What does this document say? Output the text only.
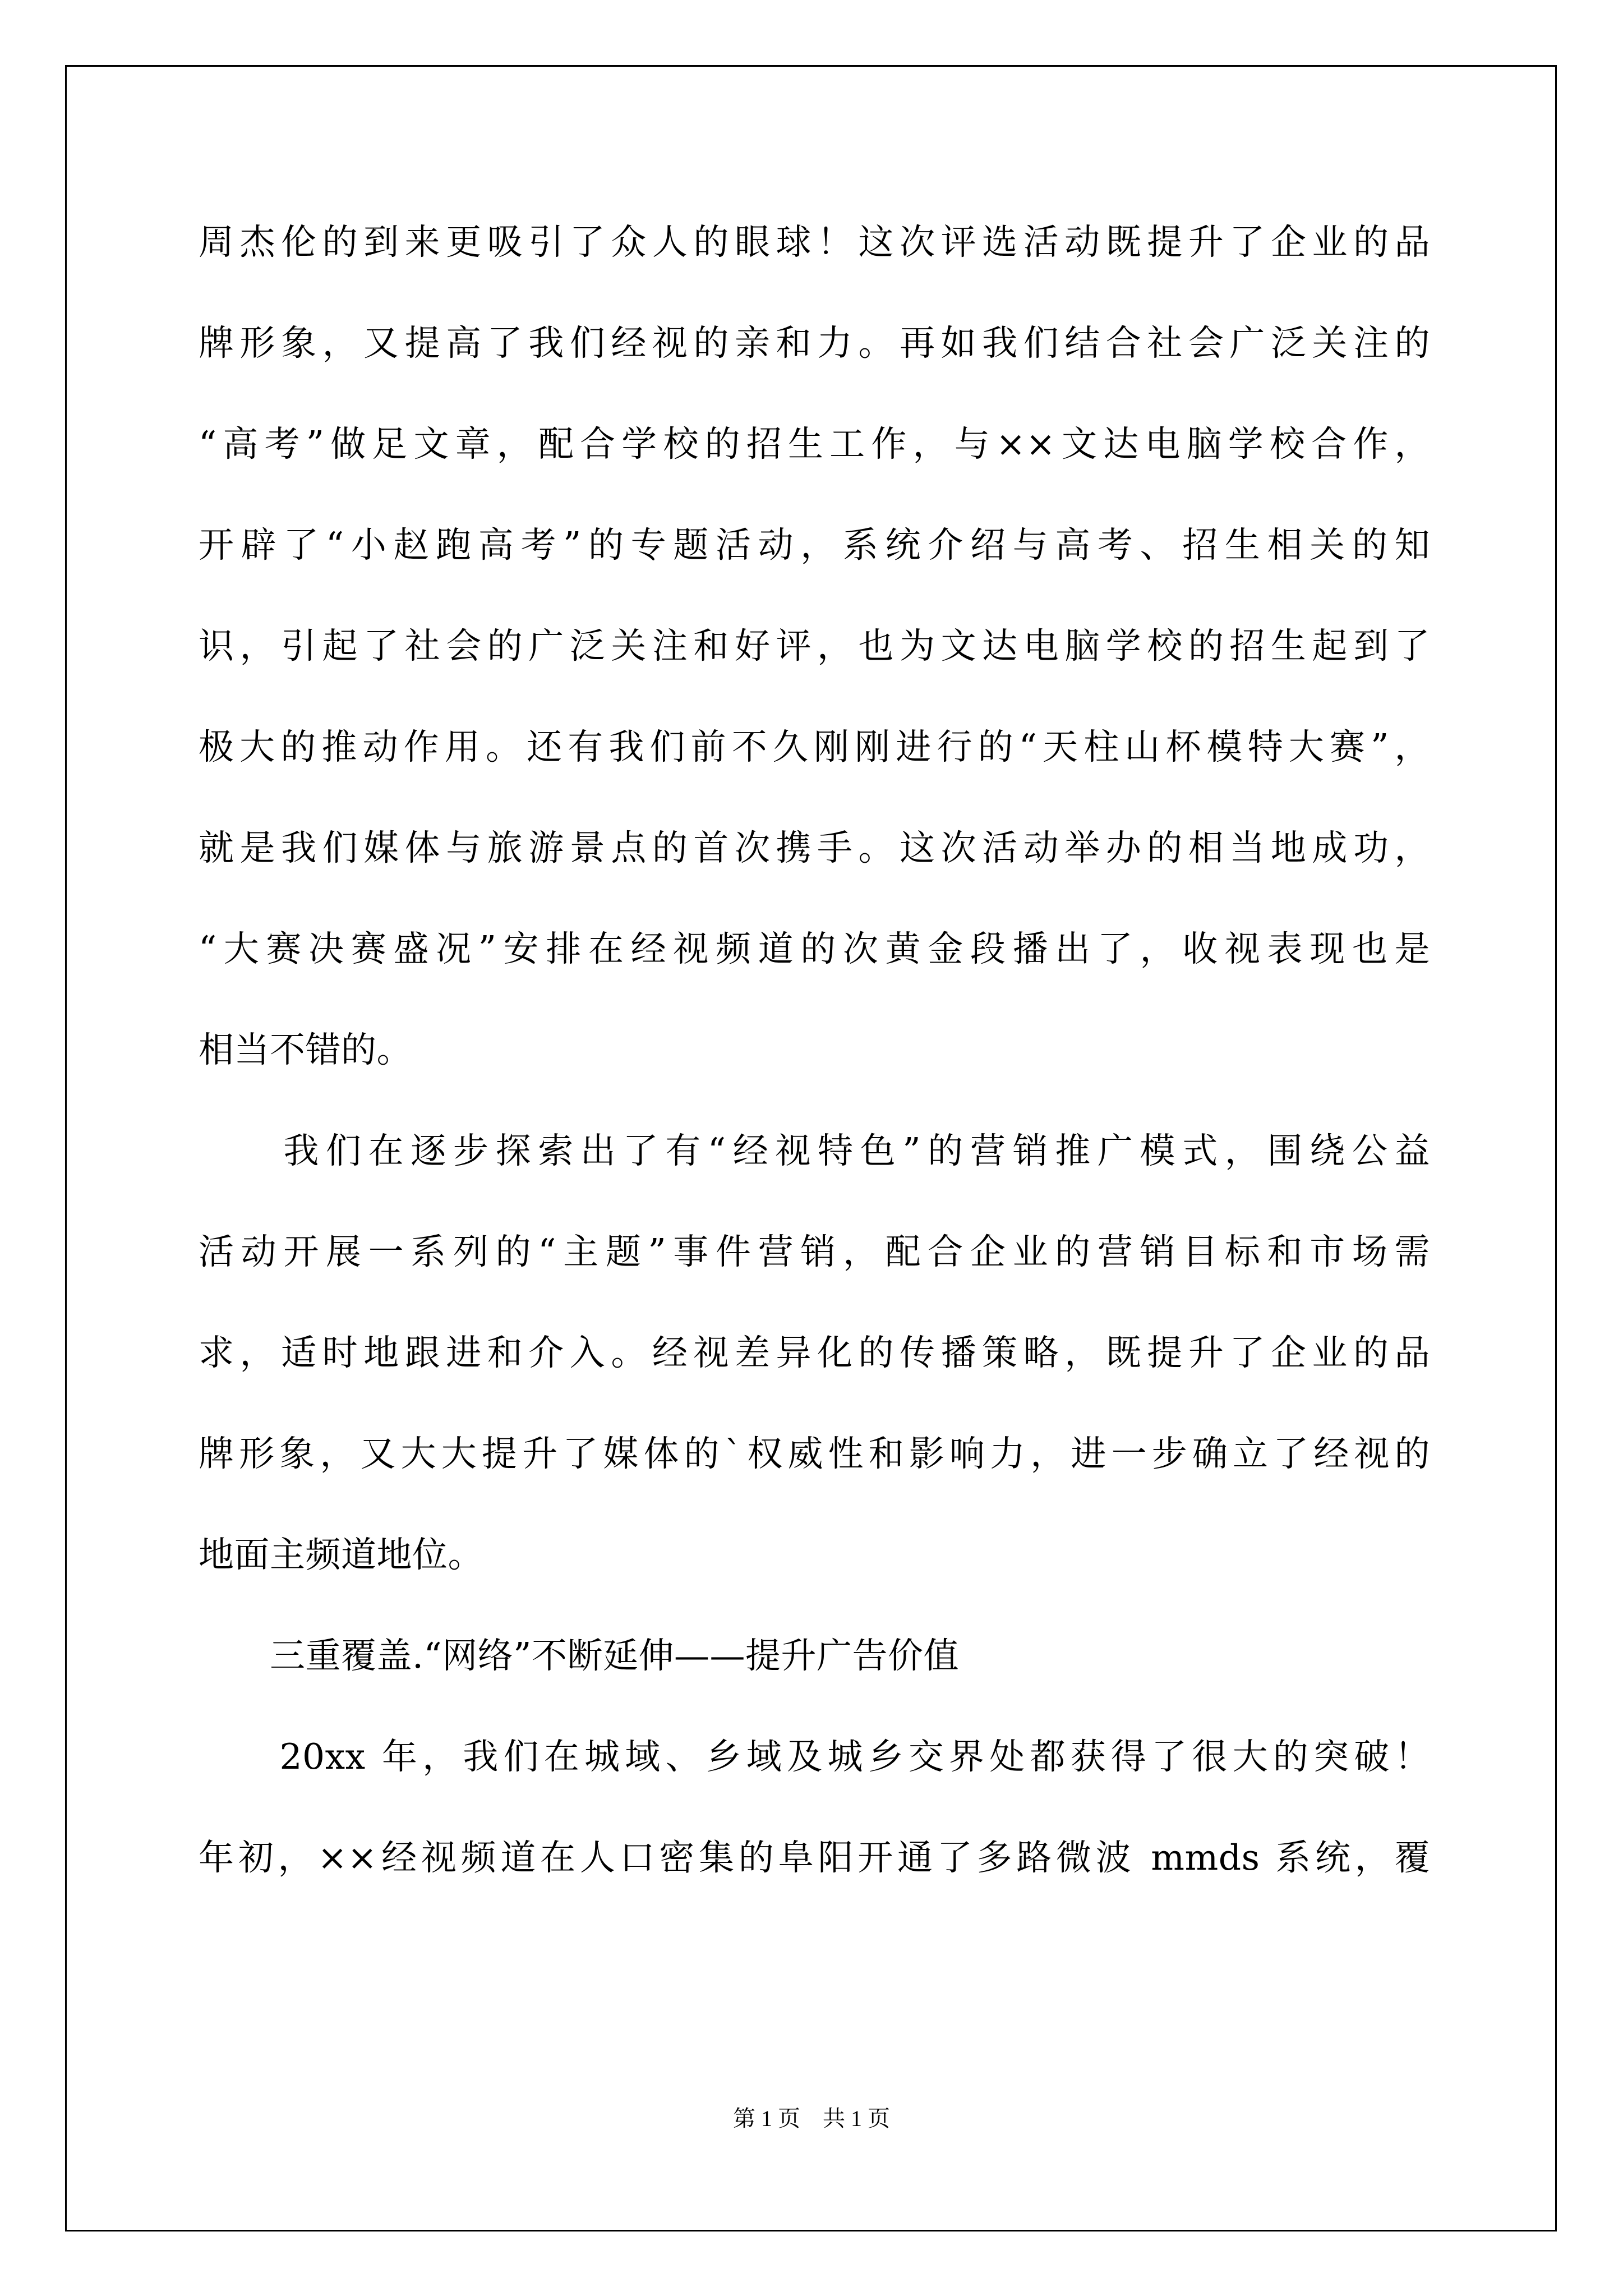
周杰伦的到来更吸引了众人的眼球！这次评选活动既提升了企业的品
牌形象，又提高了我们经视的亲和力。再如我们结合社会广泛关注的
“高考”做足文章，配合学校的招生工作，与××文达电脑学校合作，
开辟了“小赵跑高考”的专题活动，系统介绍与高考、招生相关的知
识，引起了社会的广泛关注和好评，也为文达电脑学校的招生起到了
极大的推动作用。还有我们前不久刚刚进行的“天柱山杯模特大赛”，
就是我们媒体与旅游景点的首次携手。这次活动举办的相当地成功，
“大赛决赛盛况”安排在经视频道的次黄金段播出了，收视表现也是
相当不错的。
　　我们在逐步探索出了有“经视特色”的营销推广模式，围绕公益
活动开展一系列的“主题”事件营销，配合企业的营销目标和市场需
求，适时地跟进和介入。经视差异化的传播策略，既提升了企业的品
牌形象，又大大提升了媒体的`权威性和影响力，进一步确立了经视的
地面主频道地位。
　　三重覆盖.“网络”不断延伸——提升广告价值
　　20xx 年，我们在城域、乡域及城乡交界处都获得了很大的突破！
年初，××经视频道在人口密集的阜阳开通了多路微波 mmds 系统，覆
第 1 页　共 1 页
